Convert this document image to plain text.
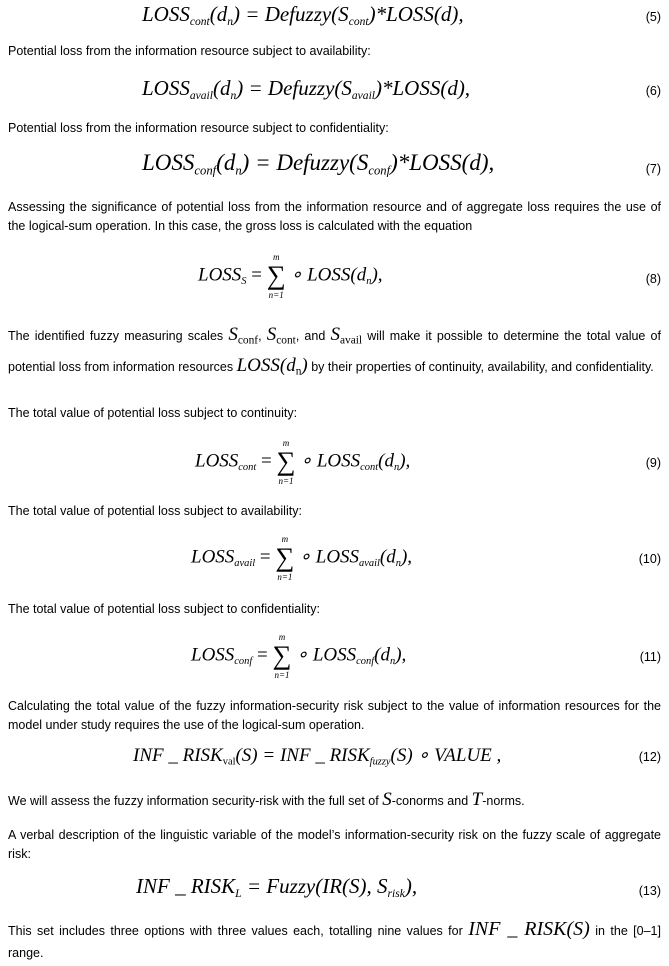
$LOSS_{cont}(d_n)$ = $Defuzzy(S_{cont})*LOSS(d)$,	(5)
Potential loss from the information resource subject to availability:
$LOSS_{avail}(d_n)$ = $Defuzzy(S_{avail})*LOSS(d)$,	(6)
Potential loss from the information resource subject to confidentiality:
$LOSS_{conf}(d_n)$ = $Defuzzy(S_{conf})*LOSS(d)$,	(7)
Assessing the significance of potential loss from the information resource and of aggregate loss requires the use of the logical-sum operation. In this case, the gross loss is calculated with the equation
$LOSS_S$ =
m
∑
n=1
∘ $LOSS(d_n)$,	(8)
The identified fuzzy measuring scales $S_{conf}$, $S_{cont}$, and $S_{avail}$ will make it possible to determine the total value of potential loss from information resources $LOSS(d_n)$ by their properties of continuity, availability, and confidentiality.
The total value of potential loss subject to continuity:
$LOSS_{cont}$ =
m
∑
n=1
∘ $LOSS_{cont}(d_n)$,	(9)
The total value of potential loss subject to availability:
$LOSS_{avail}$ =
m
∑
n=1
∘ $LOSS_{avail}(d_n)$,	(10)
The total value of potential loss subject to confidentiality:
$LOSS_{conf}$ =
m
∑
n=1
∘ $LOSS_{conf}(d_n)$,	(11)
Calculating the total value of the fuzzy information-security risk subject to the value of information resources for the model under study requires the use of the logical-sum operation.
INF _ $RISK_{val}(S)$ = INF _ $RISK_{fuzzy}(S)$ ∘ VALUE ,	(12)
We will assess the fuzzy information security-risk with the full set of S-conorms and T-norms.
A verbal description of the linguistic variable of the model’s information-security risk on the fuzzy scale of aggregate risk:
INF _ $RISK_L$ = Fuzzy(IR(S), $S_{risk}$),	(13)
This set includes three options with three values each, totalling nine values for INF _ RISK(S) in the [0–1] range.
